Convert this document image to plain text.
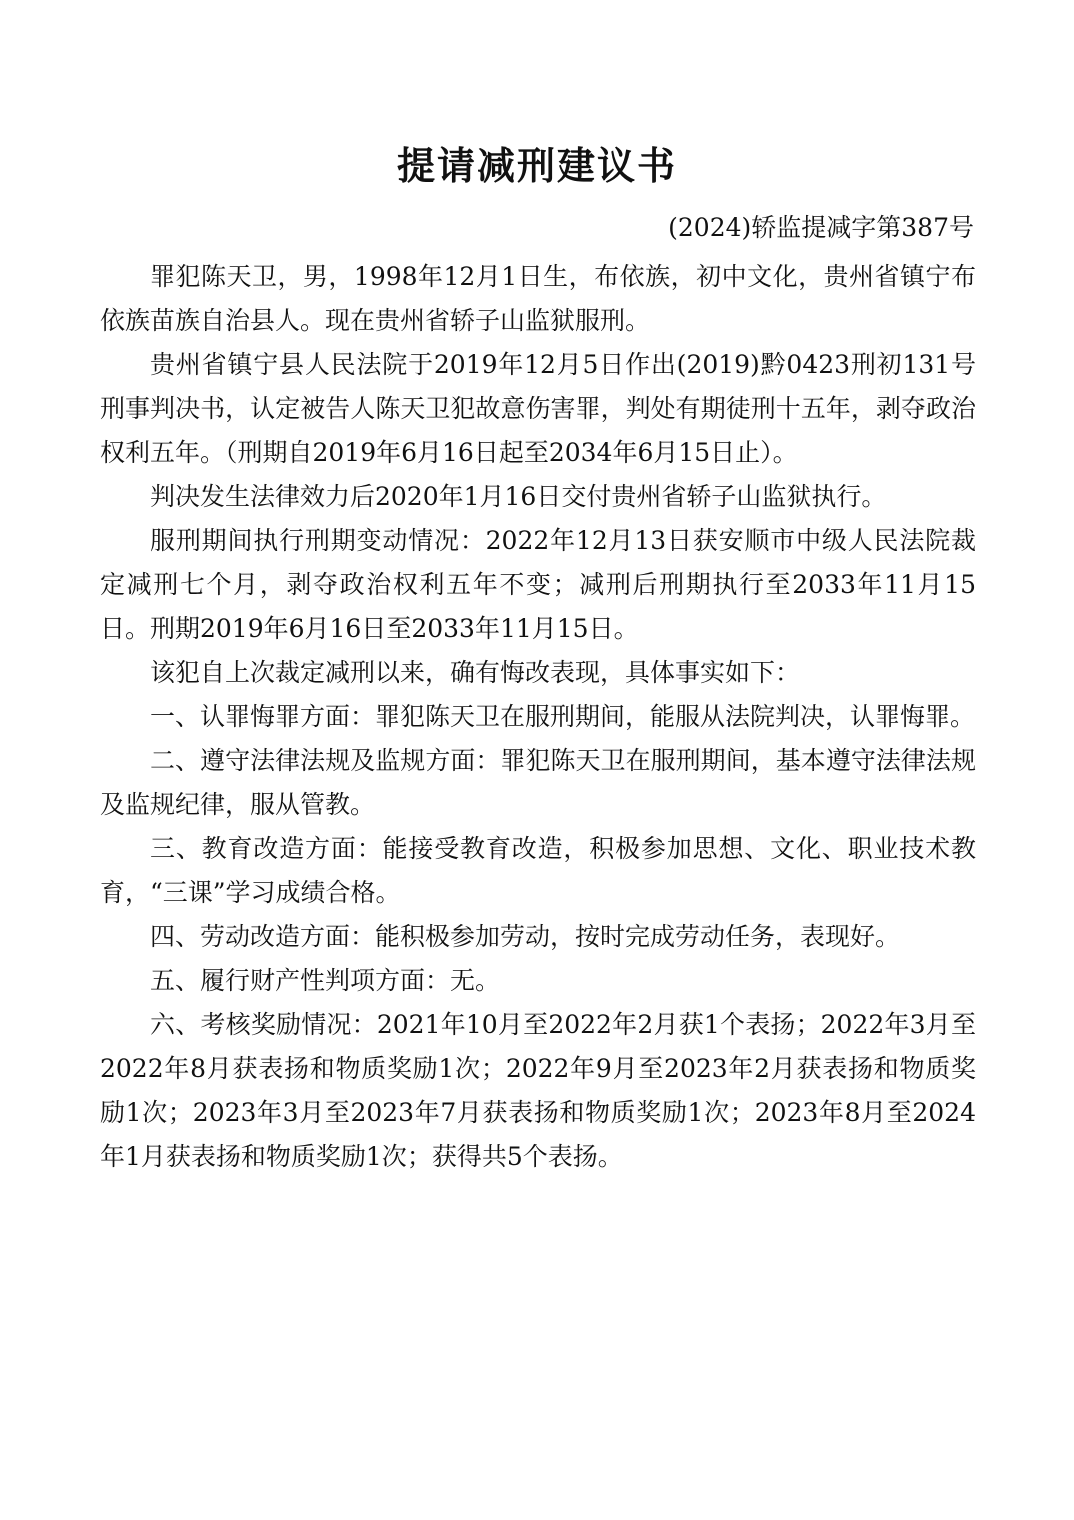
提请减刑建议书
(2024)轿监提减字第387号

罪犯陈天卫，男，1998年12月1日生，布依族，初中文化，贵州省镇宁布依族苗族自治县人。现在贵州省轿子山监狱服刑。

贵州省镇宁县人民法院于2019年12月5日作出(2019)黔0423刑初131号刑事判决书，认定被告人陈天卫犯故意伤害罪，判处有期徒刑十五年，剥夺政治权利五年。（刑期自2019年6月16日起至2034年6月15日止）。

判决发生法律效力后2020年1月16日交付贵州省轿子山监狱执行。

服刑期间执行刑期变动情况：2022年12月13日获安顺市中级人民法院裁定减刑七个月，剥夺政治权利五年不变；减刑后刑期执行至2033年11月15日。刑期2019年6月16日至2033年11月15日。

该犯自上次裁定减刑以来，确有悔改表现，具体事实如下：

一、认罪悔罪方面：罪犯陈天卫在服刑期间，能服从法院判决，认罪悔罪。

二、遵守法律法规及监规方面：罪犯陈天卫在服刑期间，基本遵守法律法规及监规纪律，服从管教。

三、教育改造方面：能接受教育改造，积极参加思想、文化、职业技术教育，“三课”学习成绩合格。

四、劳动改造方面：能积极参加劳动，按时完成劳动任务，表现好。

五、履行财产性判项方面：无。

六、考核奖励情况：2021年10月至2022年2月获1个表扬；2022年3月至2022年8月获表扬和物质奖励1次；2022年9月至2023年2月获表扬和物质奖励1次；2023年3月至2023年7月获表扬和物质奖励1次；2023年8月至2024年1月获表扬和物质奖励1次；获得共5个表扬。
